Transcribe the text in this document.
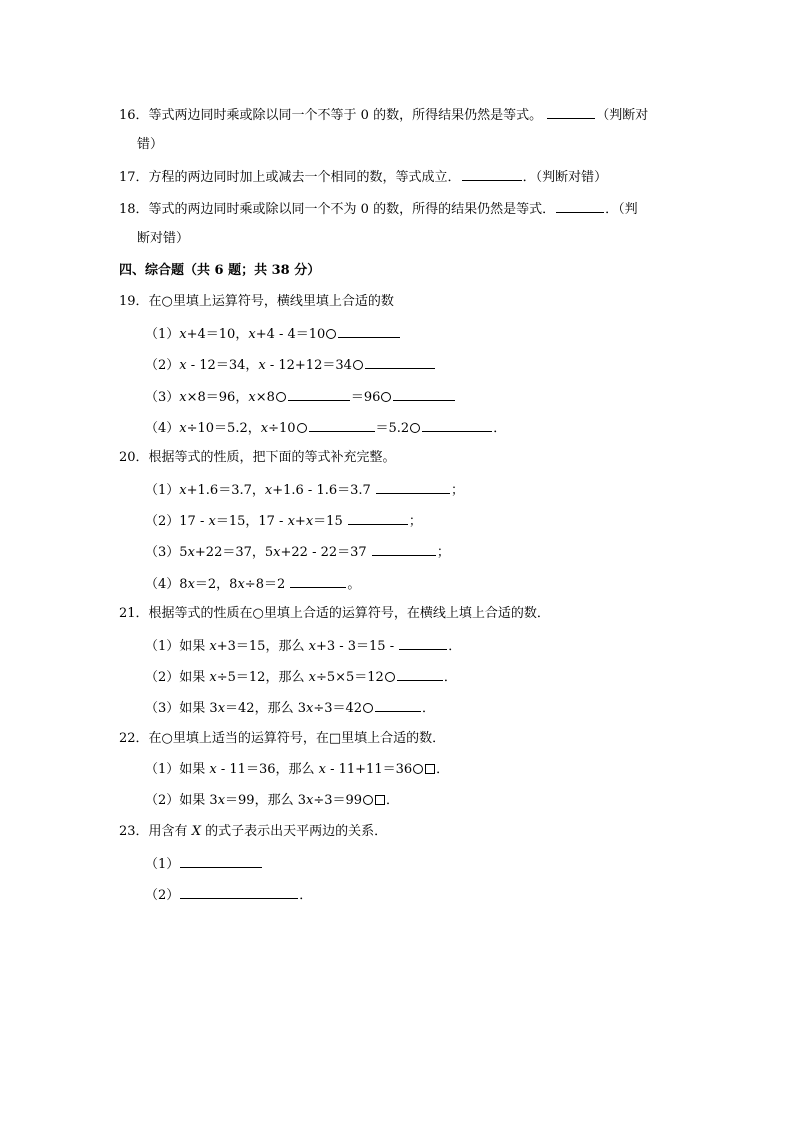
16．等式两边同时乘或除以同一个不等于 0 的数，所得结果仍然是等式。	（判断对
错）
17．方程的两边同时加上或减去一个相同的数，等式成立．	．（判断对错）
18．等式的两边同时乘或除以同一个不为 0 的数，所得的结果仍然是等式．	．（判
断对错）
四、综合题（共 6 题；共 38 分）
19．在○里填上运算符号，横线里填上合适的数
（1）x+4＝10，x+4 - 4＝10
（2）x - 12＝34，x - 12+12＝34
（3）x×8＝96，x×8	＝96
（4）x÷10＝5.2，x÷10	＝5.2	．
20．根据等式的性质，把下面的等式补充完整。
（1）x+1.6＝3.7，x+1.6 - 1.6＝3.7	；
（2）17 - x＝15，17 - x+x＝15	；
（3）5x+22＝37，5x+22 - 22＝37	；
（4）8x＝2，8x÷8＝2	。
21．根据等式的性质在○里填上合适的运算符号，在横线上填上合适的数．
（1）如果 x+3＝15，那么 x+3 - 3＝15 -	．
（2）如果 x÷5＝12，那么 x÷5×5＝12	．
（3）如果 3x＝42，那么 3x÷3＝42	．
22．在○里填上适当的运算符号，在□里填上合适的数．
（1）如果 x - 11＝36，那么 x - 11+11＝36 ．
（2）如果 3x＝99，那么 3x÷3＝99 ．
23．用含有 X 的式子表示出天平两边的关系．
（1）
（2）	．
